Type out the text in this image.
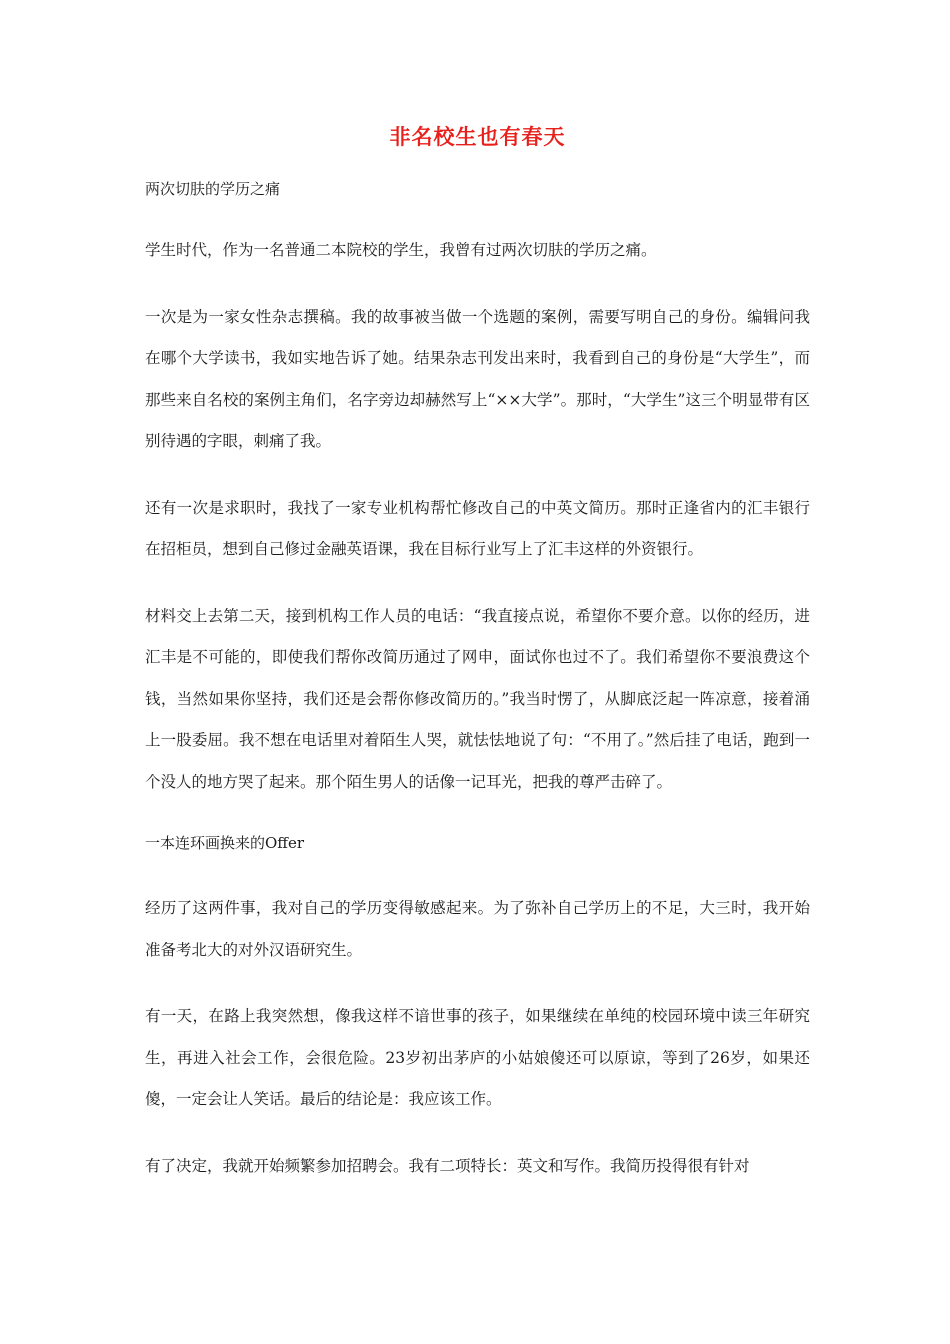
非名校生也有春天
两次切肤的学历之痛
学生时代，作为一名普通二本院校的学生，我曾有过两次切肤的学历之痛。
一次是为一家女性杂志撰稿。我的故事被当做一个选题的案例，需要写明自己的身份。编辑问我在哪个大学读书，我如实地告诉了她。结果杂志刊发出来时，我看到自己的身份是“大学生”，而那些来自名校的案例主角们，名字旁边却赫然写上“××大学”。那时，“大学生”这三个明显带有区别待遇的字眼，刺痛了我。
还有一次是求职时，我找了一家专业机构帮忙修改自己的中英文简历。那时正逢省内的汇丰银行在招柜员，想到自己修过金融英语课，我在目标行业写上了汇丰这样的外资银行。
材料交上去第二天，接到机构工作人员的电话：“我直接点说，希望你不要介意。以你的经历，进汇丰是不可能的，即使我们帮你改简历通过了网申，面试你也过不了。我们希望你不要浪费这个钱，当然如果你坚持，我们还是会帮你修改简历的。”我当时愣了，从脚底泛起一阵凉意，接着涌上一股委屈。我不想在电话里对着陌生人哭，就怯怯地说了句：“不用了。”然后挂了电话，跑到一个没人的地方哭了起来。那个陌生男人的话像一记耳光，把我的尊严击碎了。
一本连环画换来的Offer
经历了这两件事，我对自己的学历变得敏感起来。为了弥补自己学历上的不足，大三时，我开始准备考北大的对外汉语研究生。
有一天，在路上我突然想，像我这样不谙世事的孩子，如果继续在单纯的校园环境中读三年研究生，再进入社会工作，会很危险。23岁初出茅庐的小姑娘傻还可以原谅，等到了26岁，如果还傻，一定会让人笑话。最后的结论是：我应该工作。
有了决定，我就开始频繁参加招聘会。我有二项特长：英文和写作。我简历投得很有针对
